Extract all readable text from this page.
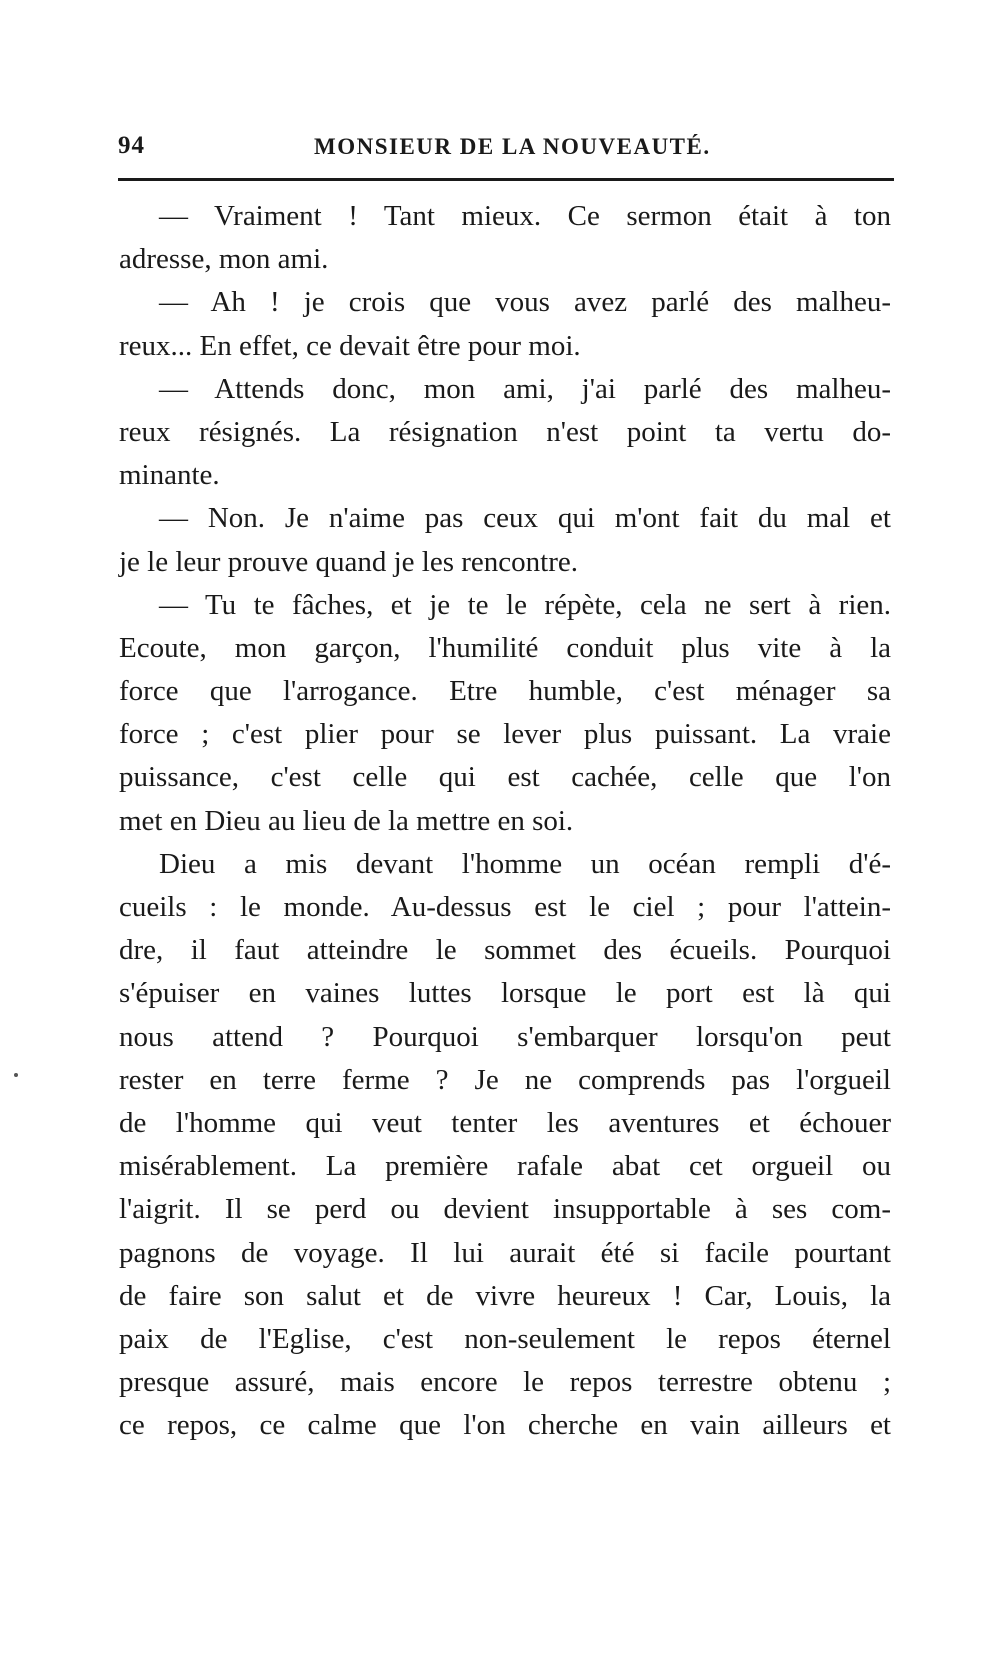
94	MONSIEUR DE LA NOUVEAUTÉ.
— Vraiment ! Tant mieux. Ce sermon était à ton
adresse, mon ami.
— Ah ! je crois que vous avez parlé des malheu-
reux... En effet, ce devait être pour moi.
— Attends donc, mon ami, j'ai parlé des malheu-
reux résignés. La résignation n'est point ta vertu do-
minante.
— Non. Je n'aime pas ceux qui m'ont fait du mal et
je le leur prouve quand je les rencontre.
— Tu te fâches, et je te le répète, cela ne sert à rien.
Ecoute, mon garçon, l'humilité conduit plus vite à la
force que l'arrogance. Etre humble, c'est ménager sa
force ; c'est plier pour se lever plus puissant. La vraie
puissance, c'est celle qui est cachée, celle que l'on
met en Dieu au lieu de la mettre en soi.
Dieu a mis devant l'homme un océan rempli d'é-
cueils : le monde. Au-dessus est le ciel ; pour l'attein-
dre, il faut atteindre le sommet des écueils. Pourquoi
s'épuiser en vaines luttes lorsque le port est là qui
nous attend ? Pourquoi s'embarquer lorsqu'on peut
rester en terre ferme ? Je ne comprends pas l'orgueil
de l'homme qui veut tenter les aventures et échouer
misérablement. La première rafale abat cet orgueil ou
l'aigrit. Il se perd ou devient insupportable à ses com-
pagnons de voyage. Il lui aurait été si facile pourtant
de faire son salut et de vivre heureux ! Car, Louis, la
paix de l'Eglise, c'est non-seulement le repos éternel
presque assuré, mais encore le repos terrestre obtenu ;
ce repos, ce calme que l'on cherche en vain ailleurs et
